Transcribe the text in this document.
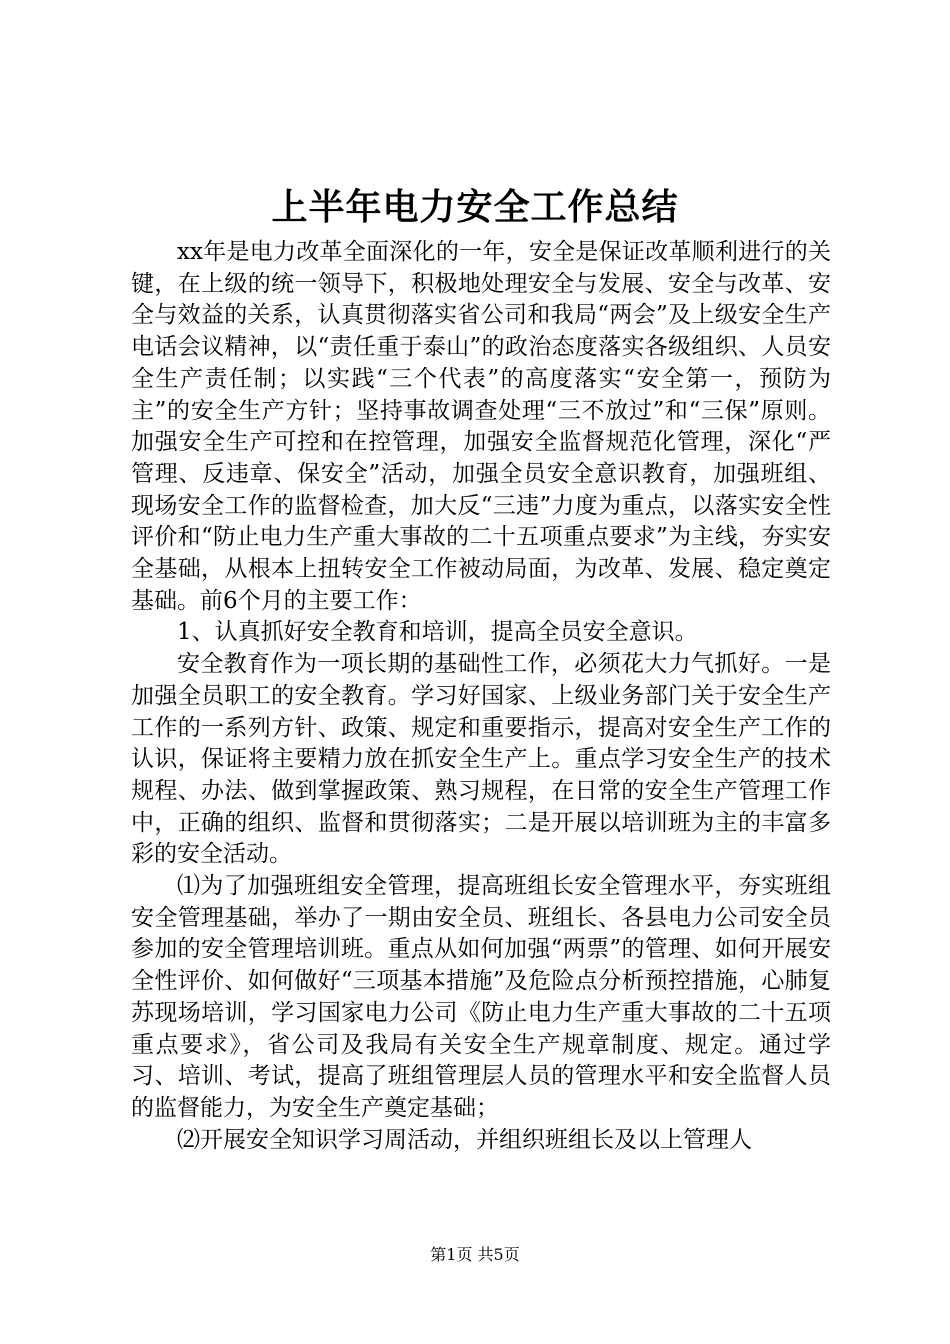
上半年电力安全工作总结

xx年是电力改革全面深化的一年，安全是保证改革顺利进行的关键，在上级的统一领导下，积极地处理安全与发展、安全与改革、安全与效益的关系，认真贯彻落实省公司和我局“两会”及上级安全生产电话会议精神，以“责任重于泰山”的政治态度落实各级组织、人员安全生产责任制；以实践“三个代表”的高度落实“安全第一，预防为主”的安全生产方针；坚持事故调查处理“三不放过”和“三保”原则。加强安全生产可控和在控管理，加强安全监督规范化管理，深化“严管理、反违章、保安全”活动，加强全员安全意识教育，加强班组、现场安全工作的监督检查，加大反“三违”力度为重点，以落实安全性评价和“防止电力生产重大事故的二十五项重点要求”为主线，夯实安全基础，从根本上扭转安全工作被动局面，为改革、发展、稳定奠定基础。前6个月的主要工作：

1、认真抓好安全教育和培训，提高全员安全意识。

安全教育作为一项长期的基础性工作，必须花大力气抓好。一是加强全员职工的安全教育。学习好国家、上级业务部门关于安全生产工作的一系列方针、政策、规定和重要指示，提高对安全生产工作的认识，保证将主要精力放在抓安全生产上。重点学习安全生产的技术规程、办法、做到掌握政策、熟习规程，在日常的安全生产管理工作中，正确的组织、监督和贯彻落实；二是开展以培训班为主的丰富多彩的安全活动。

⑴为了加强班组安全管理，提高班组长安全管理水平，夯实班组安全管理基础，举办了一期由安全员、班组长、各县电力公司安全员参加的安全管理培训班。重点从如何加强“两票”的管理、如何开展安全性评价、如何做好“三项基本措施”及危险点分析预控措施，心肺复苏现场培训，学习国家电力公司《防止电力生产重大事故的二十五项重点要求》，省公司及我局有关安全生产规章制度、规定。通过学习、培训、考试，提高了班组管理层人员的管理水平和安全监督人员的监督能力，为安全生产奠定基础；

⑵开展安全知识学习周活动，并组织班组长及以上管理人

第1页 共5页
